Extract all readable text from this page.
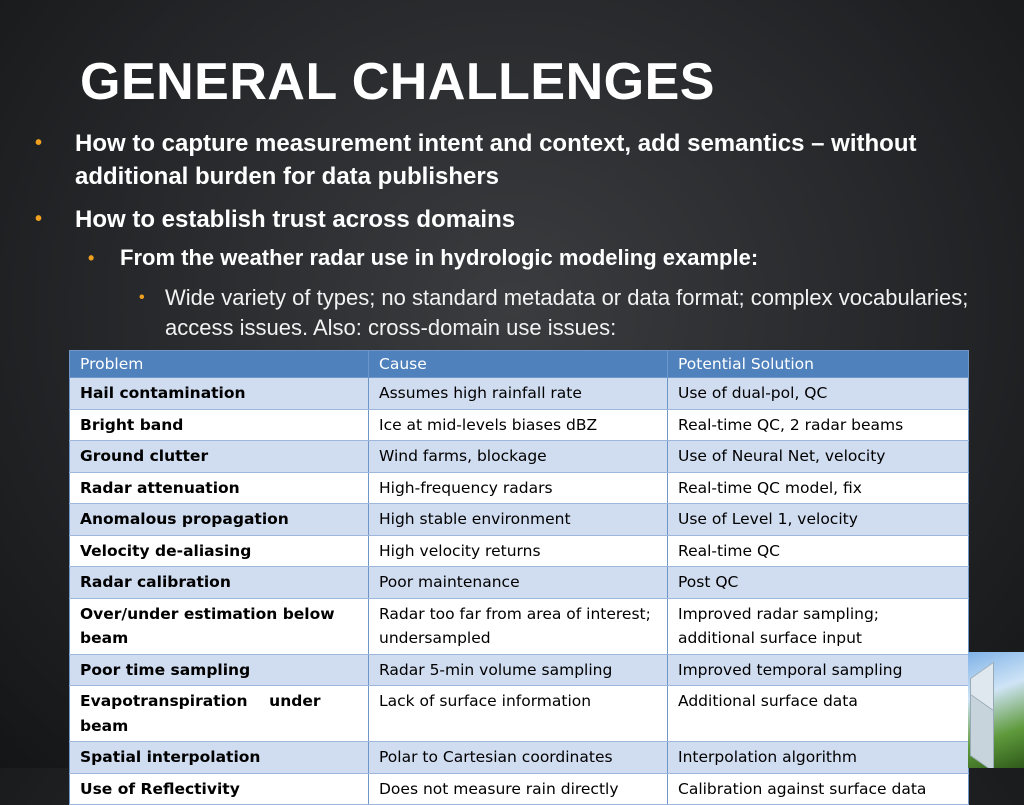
GENERAL CHALLENGES
• How to capture measurement intent and context, add semantics – without additional burden for data publishers
• How to establish trust across domains
• From the weather radar use in hydrologic modeling example:
• Wide variety of types; no standard metadata or data format; complex vocabularies; access issues. Also: cross-domain use issues:
Problem	Cause	Potential Solution
Hail contamination	Assumes high rainfall rate	Use of dual-pol, QC
Bright band	Ice at mid-levels biases dBZ	Real-time QC, 2 radar beams
Ground clutter	Wind farms, blockage	Use of Neural Net, velocity
Radar attenuation	High-frequency radars	Real-time QC model, fix
Anomalous propagation	High stable environment	Use of Level 1, velocity
Velocity de-aliasing	High velocity returns	Real-time QC
Radar calibration	Poor maintenance	Post QC
Over/under estimation below beam	Radar too far from area of interest; undersampled	Improved radar sampling; additional surface input
Poor time sampling	Radar 5-min volume sampling	Improved temporal sampling
Evapotranspiration    under beam	Lack of surface information	Additional surface data
Spatial interpolation	Polar to Cartesian coordinates	Interpolation algorithm
Use of Reflectivity	Does not measure rain directly	Calibration against surface data
